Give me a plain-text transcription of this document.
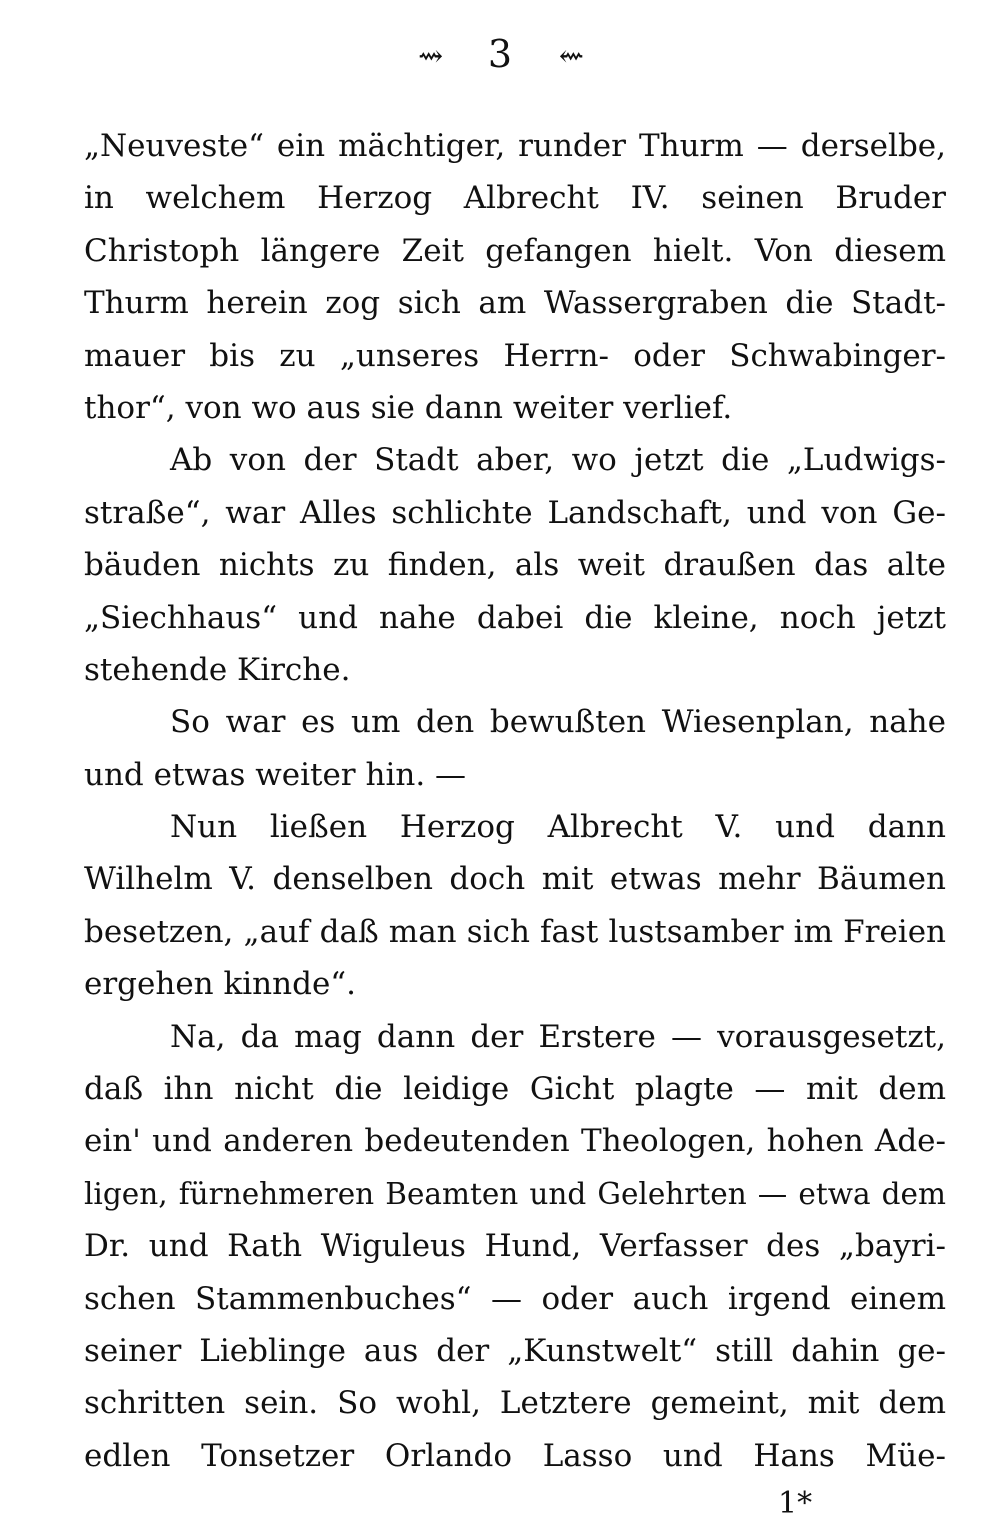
⇝ 3 ⇜
„Neuveste“ ein mächtiger, runder Thurm — derselbe,
in welchem Herzog Albrecht IV. seinen Bruder
Christoph längere Zeit gefangen hielt. Von diesem
Thurm herein zog sich am Wassergraben die Stadt-
mauer bis zu „unseres Herrn- oder Schwabinger-
thor“, von wo aus sie dann weiter verlief.
Ab von der Stadt aber, wo jetzt die „Ludwigs-
straße“, war Alles schlichte Landschaft, und von Ge-
bäuden nichts zu finden, als weit draußen das alte
„Siechhaus“ und nahe dabei die kleine, noch jetzt
stehende Kirche.
So war es um den bewußten Wiesenplan, nahe
und etwas weiter hin. —
Nun ließen Herzog Albrecht V. und dann
Wilhelm V. denselben doch mit etwas mehr Bäumen
besetzen, „auf daß man sich fast lustsamber im Freien
ergehen kinnde“.
Na, da mag dann der Erstere — vorausgesetzt,
daß ihn nicht die leidige Gicht plagte — mit dem
ein' und anderen bedeutenden Theologen, hohen Ade-
ligen, fürnehmeren Beamten und Gelehrten — etwa dem
Dr. und Rath Wiguleus Hund, Verfasser des „bayri-
schen Stammenbuches“ — oder auch irgend einem
seiner Lieblinge aus der „Kunstwelt“ still dahin ge-
schritten sein. So wohl, Letztere gemeint, mit dem
edlen Tonsetzer Orlando Lasso und Hans Müe-
1*
